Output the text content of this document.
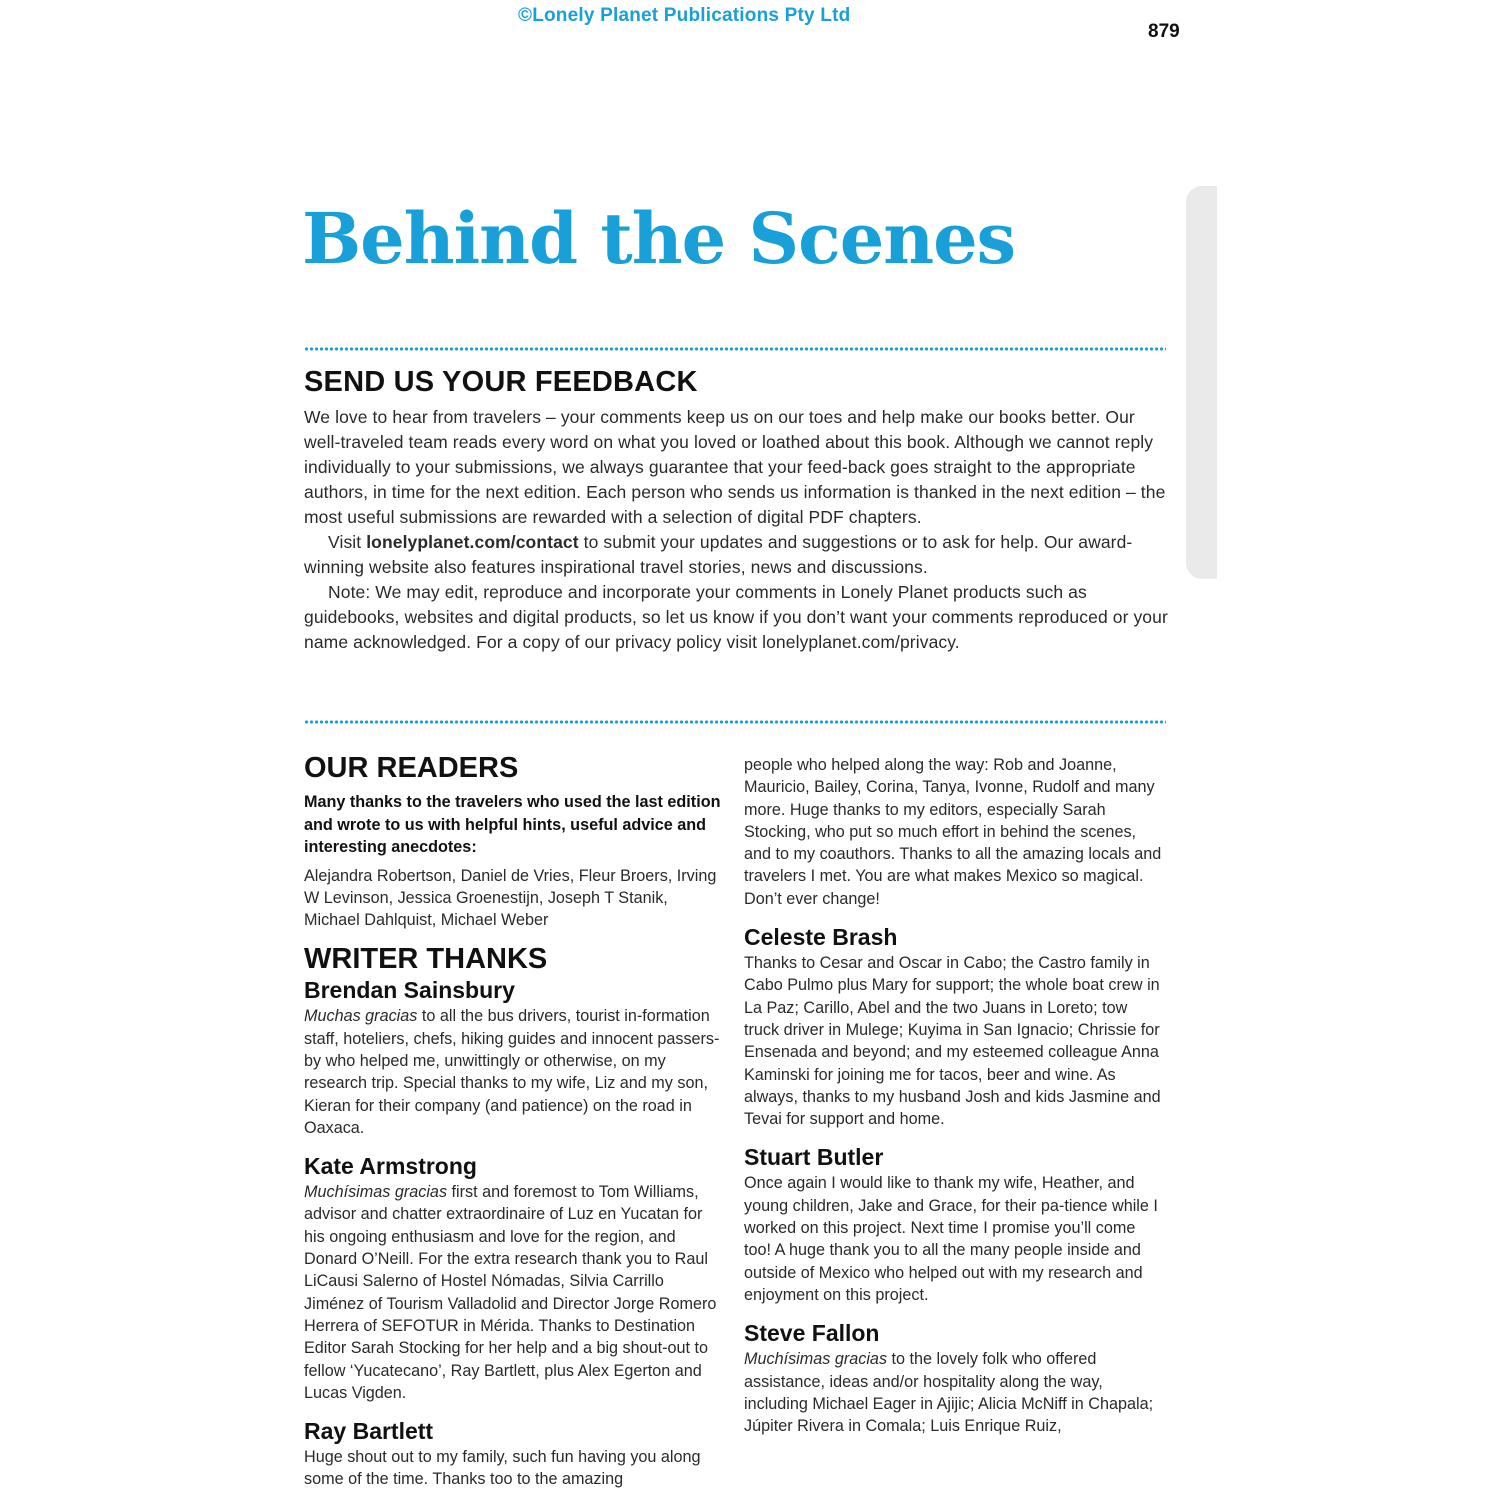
©Lonely Planet Publications Pty Ltd
879
Behind the Scenes
SEND US YOUR FEEDBACK

We love to hear from travelers – your comments keep us on our toes and help make our books better. Our well-traveled team reads every word on what you loved or loathed about this book. Although we cannot reply individually to your submissions, we always guarantee that your feed-back goes straight to the appropriate authors, in time for the next edition. Each person who sends us information is thanked in the next edition – the most useful submissions are rewarded with a selection of digital PDF chapters.

Visit lonelyplanet.com/contact to submit your updates and suggestions or to ask for help. Our award-winning website also features inspirational travel stories, news and discussions.

Note: We may edit, reproduce and incorporate your comments in Lonely Planet products such as guidebooks, websites and digital products, so let us know if you don’t want your comments reproduced or your name acknowledged. For a copy of our privacy policy visit lonelyplanet.com/privacy.

OUR READERS

Many thanks to the travelers who used the last edition and wrote to us with helpful hints, useful advice and interesting anecdotes:

Alejandra Robertson, Daniel de Vries, Fleur Broers, Irving W Levinson, Jessica Groenestijn, Joseph T Stanik, Michael Dahlquist, Michael Weber

WRITER THANKS
Brendan Sainsbury

Muchas gracias to all the bus drivers, tourist in-formation staff, hoteliers, chefs, hiking guides and innocent passers-by who helped me, unwittingly or otherwise, on my research trip. Special thanks to my wife, Liz and my son, Kieran for their company (and patience) on the road in Oaxaca.

Kate Armstrong

Muchísimas gracias first and foremost to Tom Williams, advisor and chatter extraordinaire of Luz en Yucatan for his ongoing enthusiasm and love for the region, and Donard O’Neill. For the extra research thank you to Raul LiCausi Salerno of Hostel Nómadas, Silvia Carrillo Jiménez of Tourism Valladolid and Director Jorge Romero Herrera of SEFOTUR in Mérida. Thanks to Destination Editor Sarah Stocking for her help and a big shout-out to fellow ‘Yucatecano’, Ray Bartlett, plus Alex Egerton and Lucas Vigden.

Ray Bartlett

Huge shout out to my family, such fun having you along some of the time. Thanks too to the amazing

people who helped along the way: Rob and Joanne, Mauricio, Bailey, Corina, Tanya, Ivonne, Rudolf and many more. Huge thanks to my editors, especially Sarah Stocking, who put so much effort in behind the scenes, and to my coauthors. Thanks to all the amazing locals and travelers I met. You are what makes Mexico so magical. Don’t ever change!

Celeste Brash

Thanks to Cesar and Oscar in Cabo; the Castro family in Cabo Pulmo plus Mary for support; the whole boat crew in La Paz; Carillo, Abel and the two Juans in Loreto; tow truck driver in Mulege; Kuyima in San Ignacio; Chrissie for Ensenada and beyond; and my esteemed colleague Anna Kaminski for joining me for tacos, beer and wine. As always, thanks to my husband Josh and kids Jasmine and Tevai for support and home.

Stuart Butler

Once again I would like to thank my wife, Heather, and young children, Jake and Grace, for their pa-tience while I worked on this project. Next time I promise you’ll come too! A huge thank you to all the many people inside and outside of Mexico who helped out with my research and enjoyment on this project.

Steve Fallon

Muchísimas gracias to the lovely folk who offered assistance, ideas and/or hospitality along the way, including Michael Eager in Ajijic; Alicia McNiff in Chapala; Júpiter Rivera in Comala; Luis Enrique Ruiz,
